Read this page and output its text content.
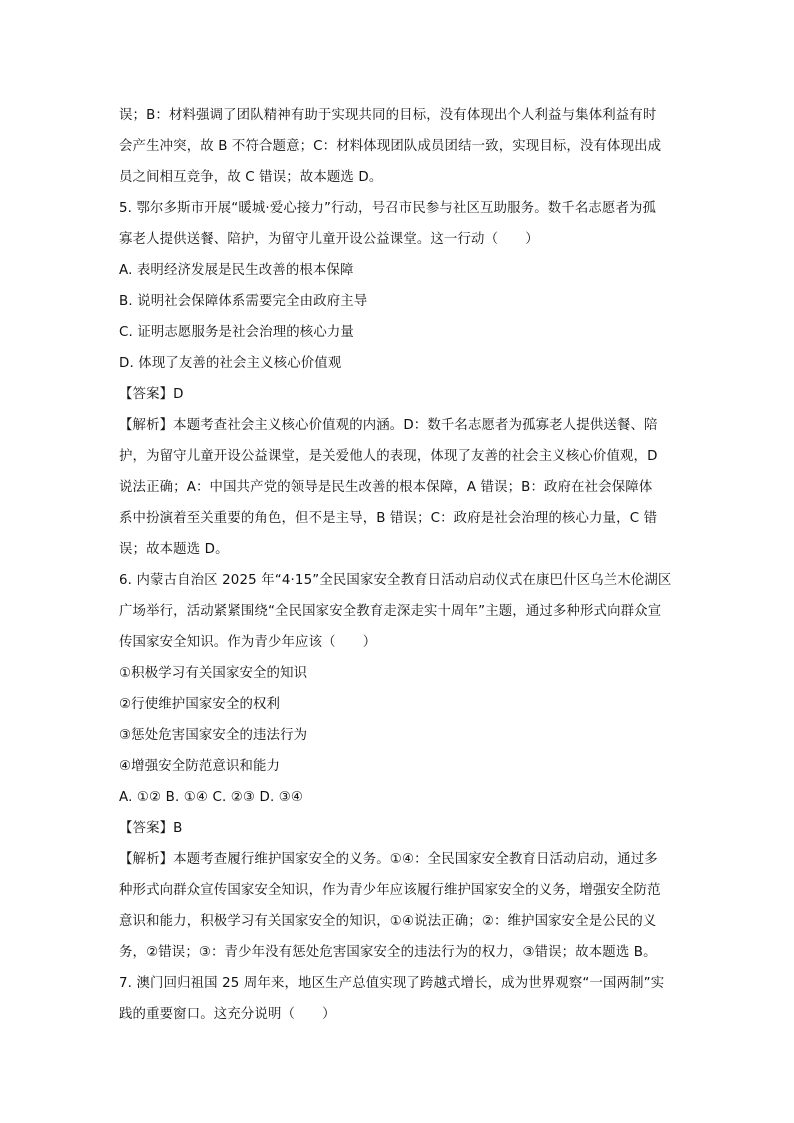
误；B：材料强调了团队精神有助于实现共同的目标，没有体现出个人利益与集体利益有时
会产生冲突，故 B 不符合题意；C：材料体现团队成员团结一致，实现目标，没有体现出成
员之间相互竞争，故 C 错误；故本题选 D。
5. 鄂尔多斯市开展“暖城·爱心接力”行动，号召市民参与社区互助服务。数千名志愿者为孤
寡老人提供送餐、陪护，为留守儿童开设公益课堂。这一行动（　　）
A. 表明经济发展是民生改善的根本保障
B. 说明社会保障体系需要完全由政府主导
C. 证明志愿服务是社会治理的核心力量
D. 体现了友善的社会主义核心价值观
【答案】D
【解析】本题考查社会主义核心价值观的内涵。D：数千名志愿者为孤寡老人提供送餐、陪
护，为留守儿童开设公益课堂，是关爱他人的表现，体现了友善的社会主义核心价值观，D
说法正确；A：中国共产党的领导是民生改善的根本保障，A 错误；B：政府在社会保障体
系中扮演着至关重要的角色，但不是主导，B 错误；C：政府是社会治理的核心力量，C 错
误；故本题选 D。
6. 内蒙古自治区 2025 年“4·15”全民国家安全教育日活动启动仪式在康巴什区乌兰木伦湖区
广场举行，活动紧紧围绕“全民国家安全教育走深走实十周年”主题，通过多种形式向群众宣
传国家安全知识。作为青少年应该（　　）
①积极学习有关国家安全的知识
②行使维护国家安全的权利
③惩处危害国家安全的违法行为
④增强安全防范意识和能力
A. ①② B. ①④ C. ②③ D. ③④
【答案】B
【解析】本题考查履行维护国家安全的义务。①④：全民国家安全教育日活动启动，通过多
种形式向群众宣传国家安全知识，作为青少年应该履行维护国家安全的义务，增强安全防范
意识和能力，积极学习有关国家安全的知识，①④说法正确；②：维护国家安全是公民的义
务，②错误；③：青少年没有惩处危害国家安全的违法行为的权力，③错误；故本题选 B。
7. 澳门回归祖国 25 周年来，地区生产总值实现了跨越式增长，成为世界观察“一国两制”实
践的重要窗口。这充分说明（　　）
